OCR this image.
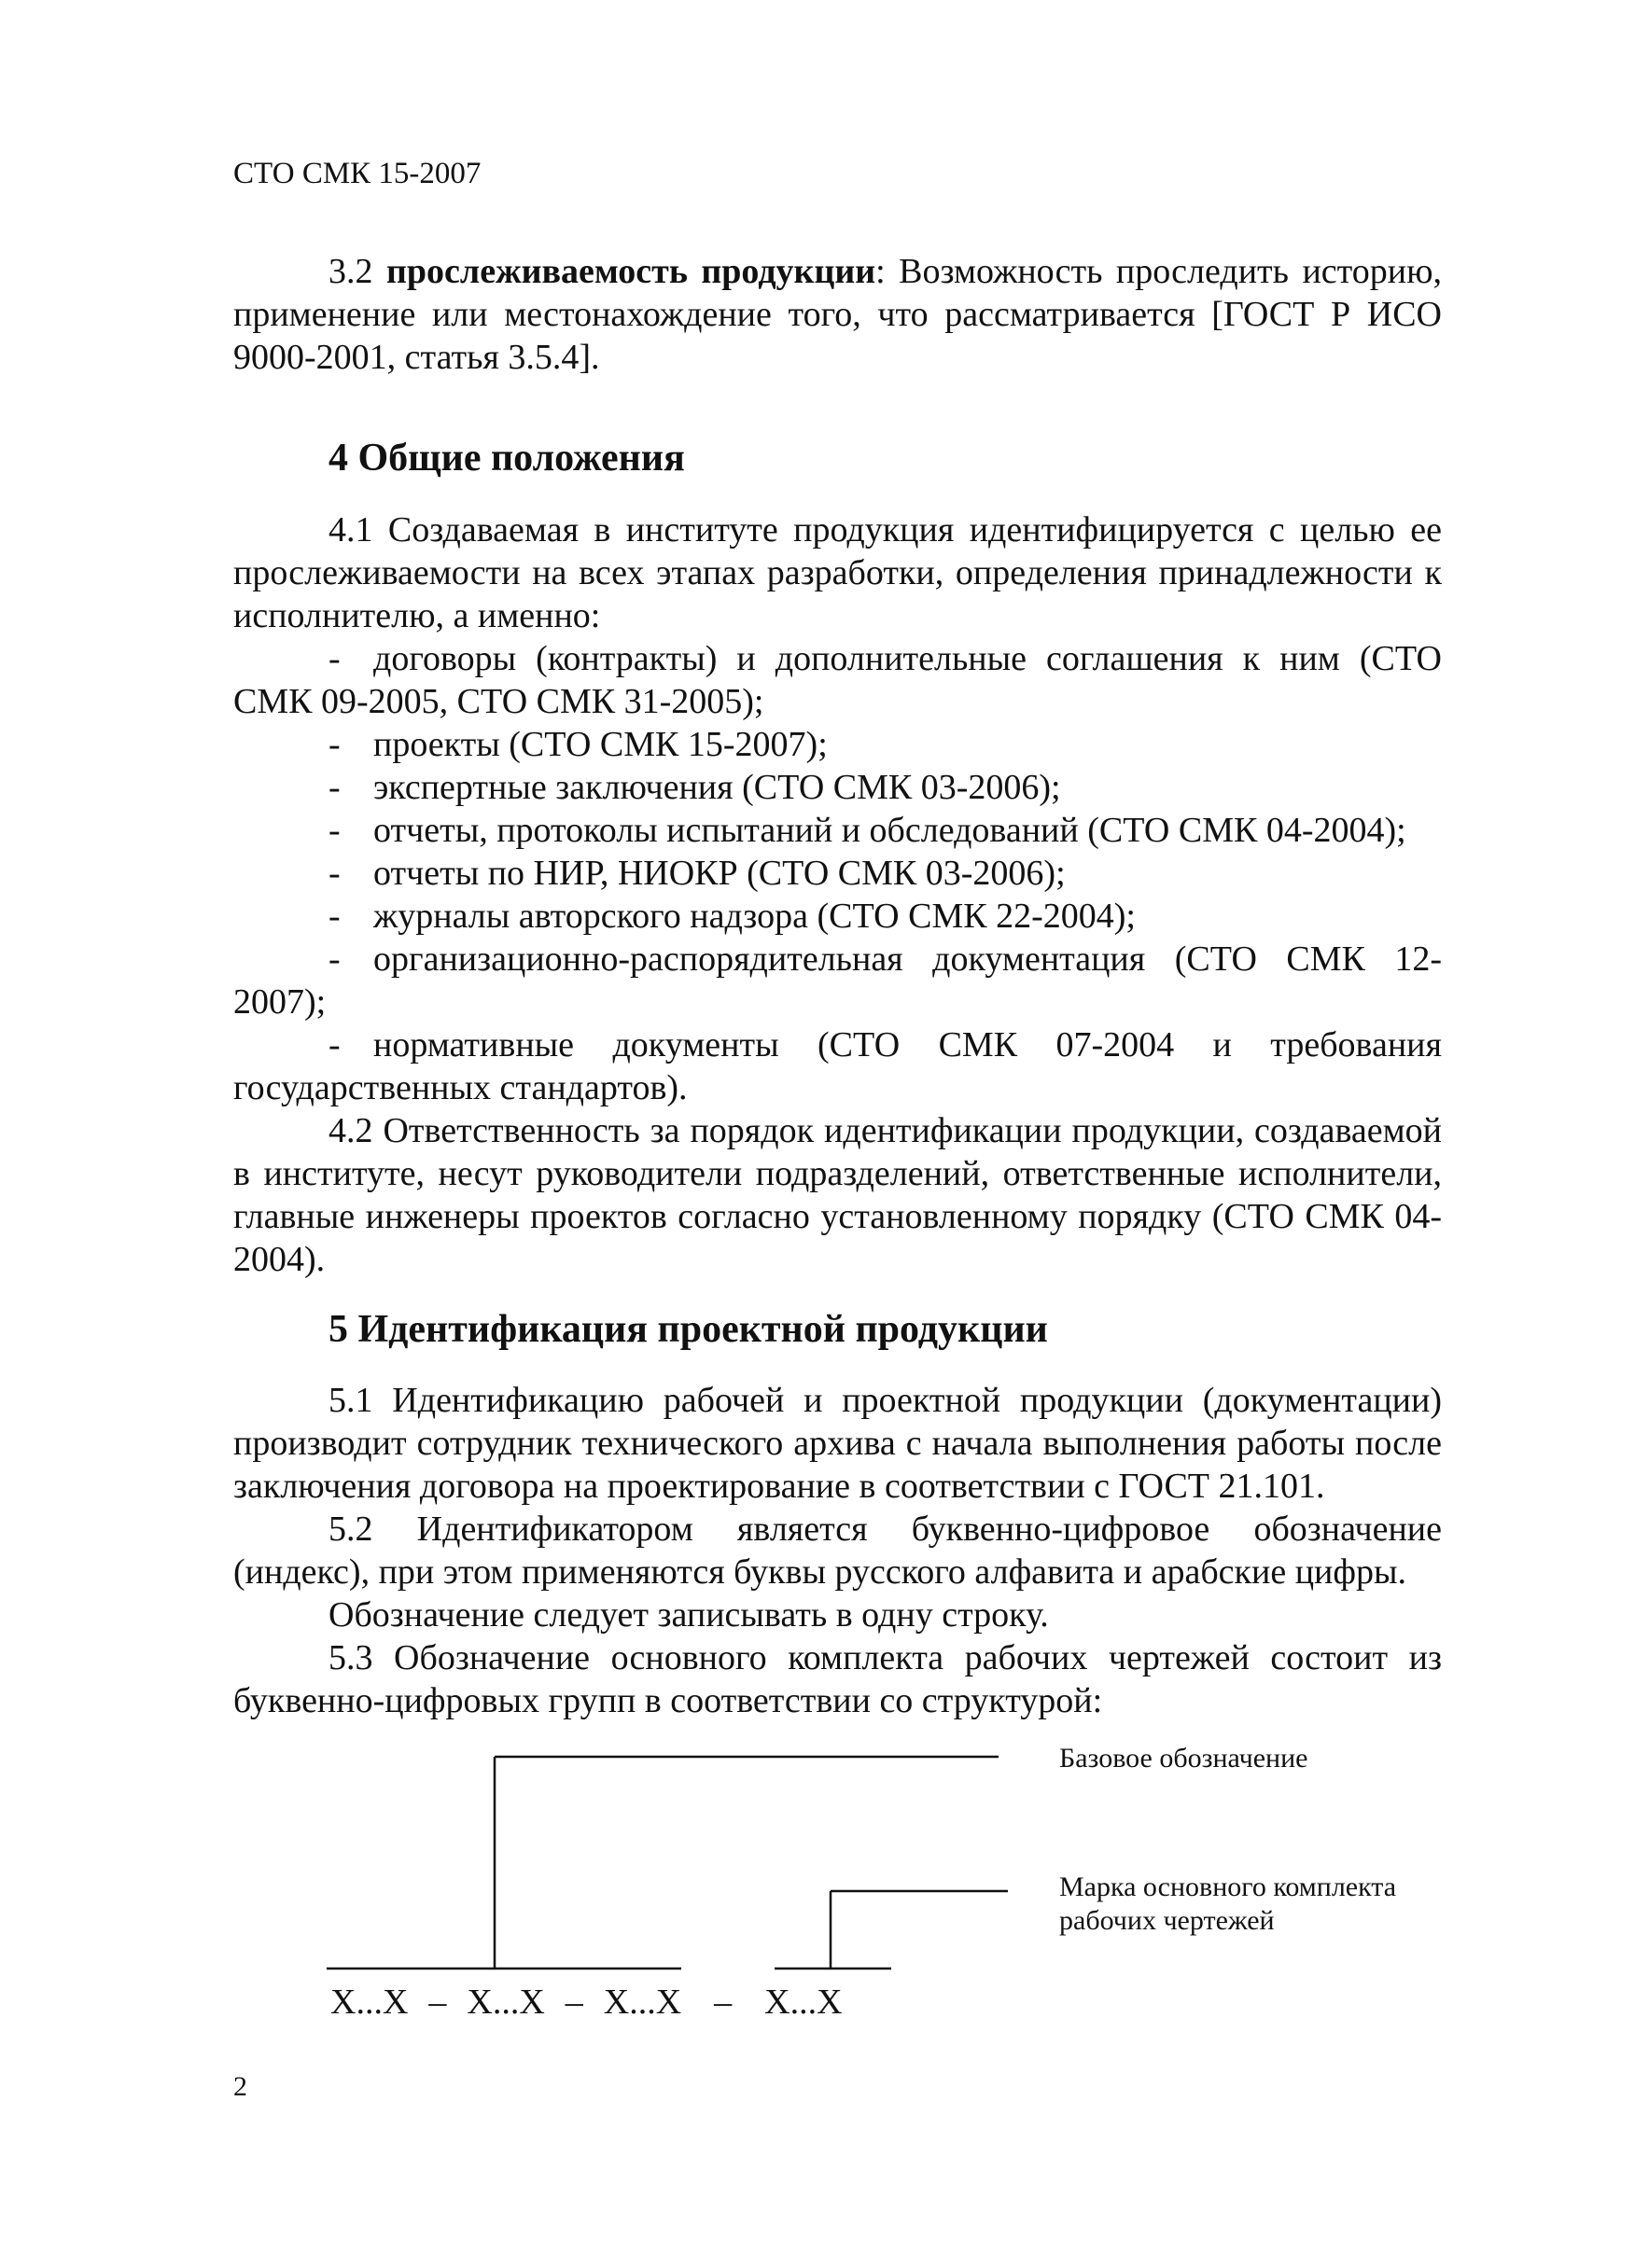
СТО СМК 15-2007

3.2 прослеживаемость продукции: Возможность проследить историю, применение или местонахождение того, что рассматривается [ГОСТ Р ИСО 9000-2001, статья 3.5.4].

4 Общие положения

4.1 Создаваемая в институте продукция идентифицируется с целью ее прослеживаемости на всех этапах разработки, определения принадлежности к исполнителю, а именно:

- договоры (контракты) и дополнительные соглашения к ним (СТО СМК 09-2005, СТО СМК 31-2005);

- проекты (СТО СМК 15-2007);

- экспертные заключения (СТО СМК 03-2006);

- отчеты, протоколы испытаний и обследований (СТО СМК 04-2004);

- отчеты по НИР, НИОКР (СТО СМК 03-2006);

- журналы авторского надзора (СТО СМК 22-2004);

- организационно-распорядительная документация (СТО СМК 12-2007);

- нормативные документы (СТО СМК 07-2004 и требования государственных стандартов).

4.2 Ответственность за порядок идентификации продукции, создаваемой в институте, несут руководители подразделений, ответственные исполнители, главные инженеры проектов согласно установленному порядку (СТО СМК 04-2004).

5 Идентификация проектной продукции

5.1 Идентификацию рабочей и проектной продукции (документации) производит сотрудник технического архива с начала выполнения работы после заключения договора на проектирование в соответствии с ГОСТ 21.101.

5.2 Идентификатором является буквенно-цифровое обозначение (индекс), при этом применяются буквы русского алфавита и арабские цифры.

Обозначение следует записывать в одну строку.

5.3 Обозначение основного комплекта рабочих чертежей состоит из буквенно-цифровых групп в соответствии со структурой:

Базовое обозначение
Марка основного комплекта рабочих чертежей
X...X – X...X – X...X – X...X
2
